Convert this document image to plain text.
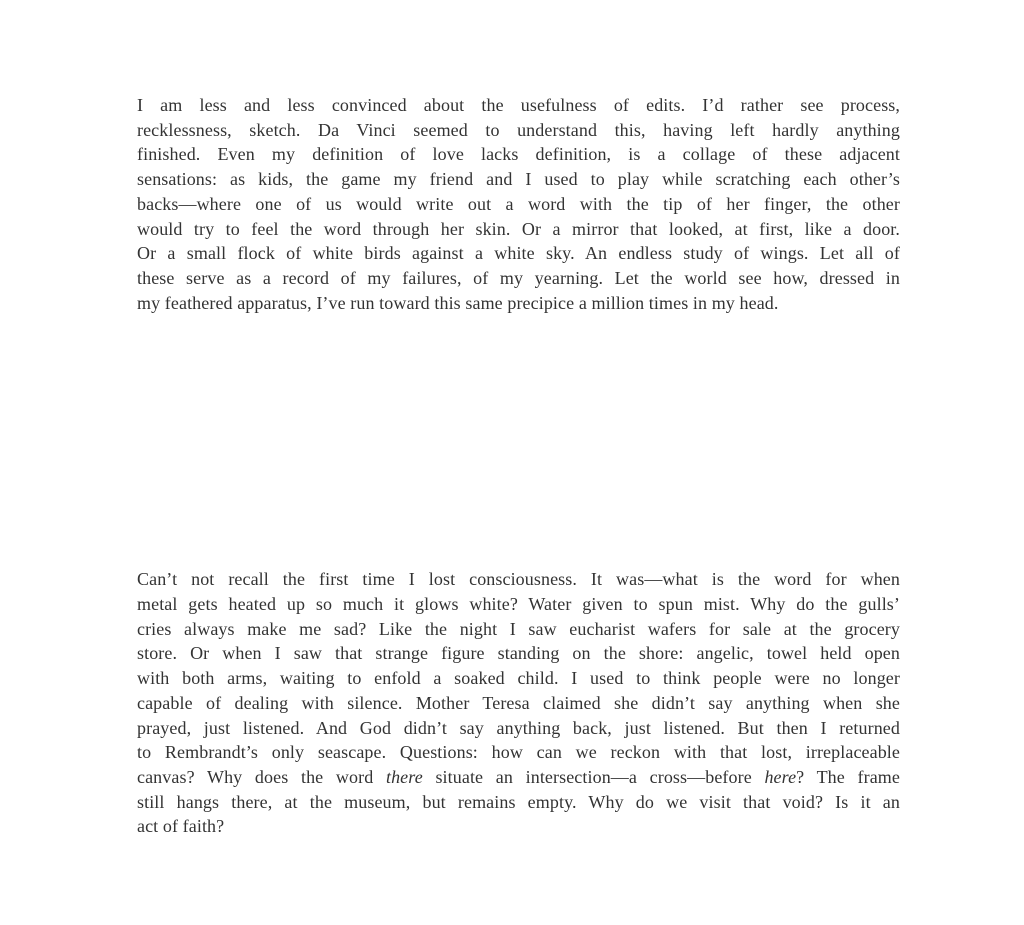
I am less and less convinced about the usefulness of edits. I’d rather see process,
recklessness, sketch. Da Vinci seemed to understand this, having left hardly anything
finished. Even my definition of love lacks definition, is a collage of these adjacent
sensations: as kids, the game my friend and I used to play while scratching each other’s
backs—where one of us would write out a word with the tip of her finger, the other
would try to feel the word through her skin. Or a mirror that looked, at first, like a door.
Or a small flock of white birds against a white sky. An endless study of wings. Let all of
these serve as a record of my failures, of my yearning. Let the world see how, dressed in
my feathered apparatus, I’ve run toward this same precipice a million times in my head.
Can’t not recall the first time I lost consciousness. It was—what is the word for when
metal gets heated up so much it glows white? Water given to spun mist. Why do the gulls’
cries always make me sad? Like the night I saw eucharist wafers for sale at the grocery
store. Or when I saw that strange figure standing on the shore: angelic, towel held open
with both arms, waiting to enfold a soaked child. I used to think people were no longer
capable of dealing with silence. Mother Teresa claimed she didn’t say anything when she
prayed, just listened. And God didn’t say anything back, just listened. But then I returned
to Rembrandt’s only seascape. Questions: how can we reckon with that lost, irreplaceable
canvas? Why does the word there situate an intersection—a cross—before here? The frame
still hangs there, at the museum, but remains empty. Why do we visit that void? Is it an
act of faith?
